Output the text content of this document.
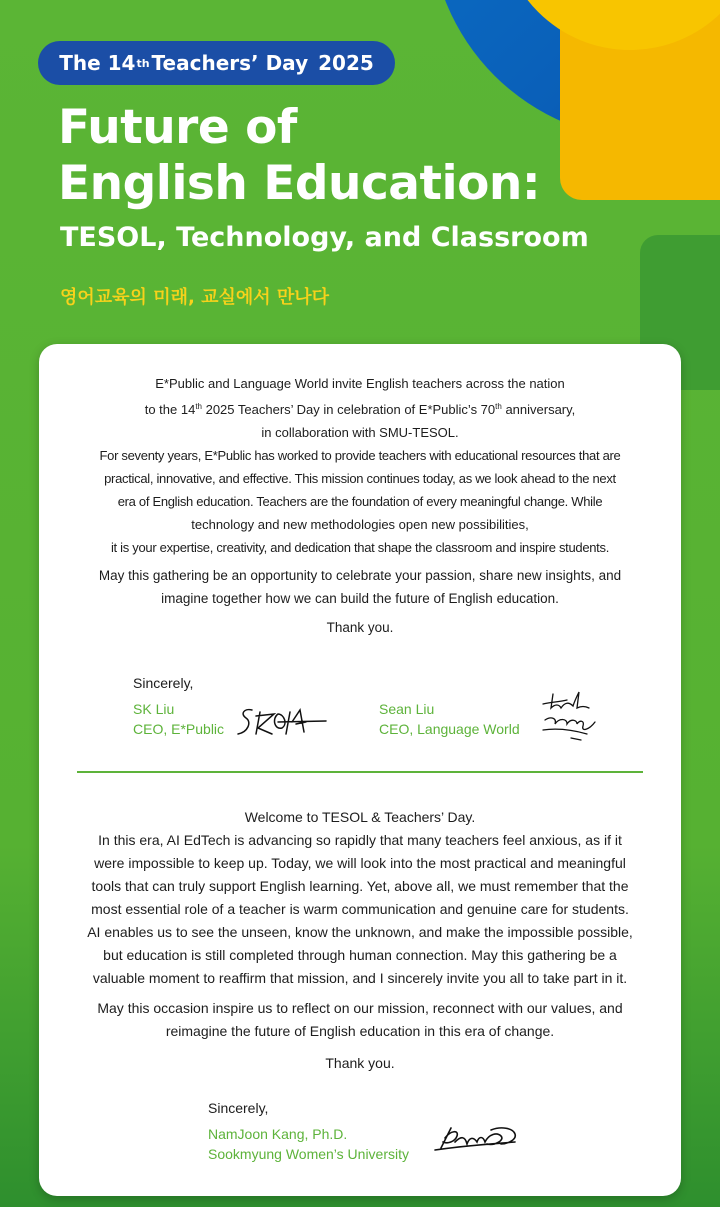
The 14 th Teachers’ Day 2025
Future of
English Education:
TESOL, Technology, and Classroom
영어교육의 미래, 교실에서 만나다
E*Public and Language World invite English teachers across the nation
to the 14th 2025 Teachers’ Day in celebration of E*Public’s 70th anniversary,
in collaboration with SMU-TESOL.
For seventy years, E*Public has worked to provide teachers with educational resources that are
practical, innovative, and effective. This mission continues today, as we look ahead to the next
era of English education. Teachers are the foundation of every meaningful change. While
technology and new methodologies open new possibilities,
it is your expertise, creativity, and dedication that shape the classroom and inspire students.
May this gathering be an opportunity to celebrate your passion, share new insights, and
imagine together how we can build the future of English education.
Thank you.
Sincerely,
SK Liu
CEO, E*Public
Sean Liu
CEO, Language World
Welcome to TESOL & Teachers’ Day.
In this era, AI EdTech is advancing so rapidly that many teachers feel anxious, as if it
were impossible to keep up. Today, we will look into the most practical and meaningful
tools that can truly support English learning. Yet, above all, we must remember that the
most essential role of a teacher is warm communication and genuine care for students.
AI enables us to see the unseen, know the unknown, and make the impossible possible,
but education is still completed through human connection. May this gathering be a
valuable moment to reaffirm that mission, and I sincerely invite you all to take part in it.
May this occasion inspire us to reflect on our mission, reconnect with our values, and
reimagine the future of English education in this era of change.
Thank you.
Sincerely,
NamJoon Kang, Ph.D.
Sookmyung Women’s University
